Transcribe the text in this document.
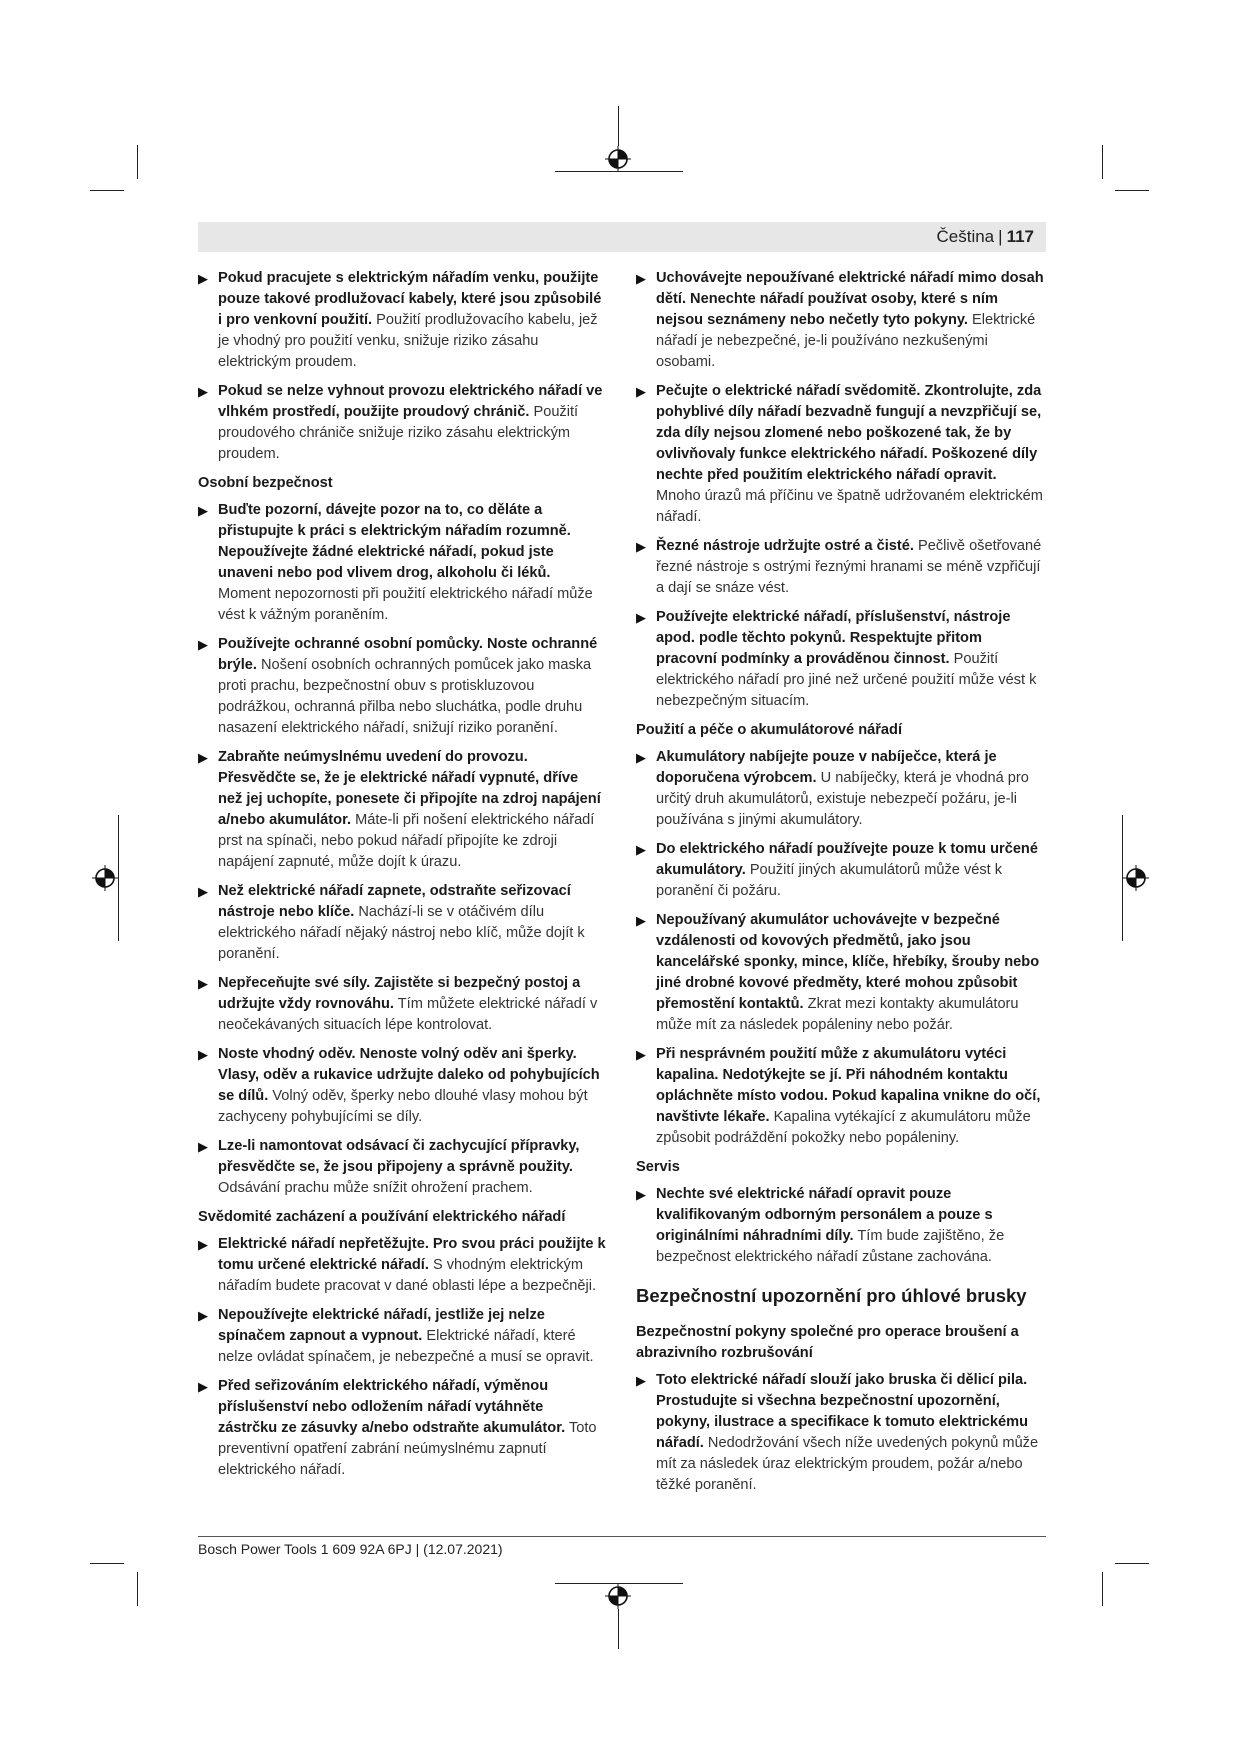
Čeština | 117
▶ Pokud pracujete s elektrickým nářadím venku, použijte pouze takové prodlužovací kabely, které jsou způsobilé i pro venkovní použití. Použití prodlužovacího kabelu, jež je vhodný pro použití venku, snižuje riziko zásahu elektrickým proudem.
▶ Pokud se nelze vyhnout provozu elektrického nářadí ve vlhkém prostředí, použijte proudový chránič. Použití proudového chrániče snižuje riziko zásahu elektrickým proudem.
Osobní bezpečnost
▶ Buďte pozorní, dávejte pozor na to, co děláte a přistupujte k práci s elektrickým nářadím rozumně. Nepoužívejte žádné elektrické nářadí, pokud jste unaveni nebo pod vlivem drog, alkoholu či léků. Moment nepozornosti při použití elektrického nářadí může vést k vážným poraněním.
▶ Používejte ochranné osobní pomůcky. Noste ochranné brýle. Nošení osobních ochranných pomůcek jako maska proti prachu, bezpečnostní obuv s protiskluzovou podrážkou, ochranná přilba nebo sluchátka, podle druhu nasazení elektrického nářadí, snižují riziko poranění.
▶ Zabraňte neúmyslnému uvedení do provozu. Přesvědčte se, že je elektrické nářadí vypnuté, dříve než jej uchopíte, ponesete či připojíte na zdroj napájení a/nebo akumulátor. Máte-li při nošení elektrického nářadí prst na spínači, nebo pokud nářadí připojíte ke zdroji napájení zapnuté, může dojít k úrazu.
▶ Než elektrické nářadí zapnete, odstraňte seřizovací nástroje nebo klíče. Nachází-li se v otáčivém dílu elektrického nářadí nějaký nástroj nebo klíč, může dojít k poranění.
▶ Nepřeceňujte své síly. Zajistěte si bezpečný postoj a udržujte vždy rovnováhu. Tím můžete elektrické nářadí v neočekávaných situacích lépe kontrolovat.
▶ Noste vhodný oděv. Nenoste volný oděv ani šperky. Vlasy, oděv a rukavice udržujte daleko od pohybujících se dílů. Volný oděv, šperky nebo dlouhé vlasy mohou být zachyceny pohybujícími se díly.
▶ Lze-li namontovat odsávací či zachycující přípravky, přesvědčte se, že jsou připojeny a správně použity. Odsávání prachu může snížit ohrožení prachem.
Svědomité zacházení a používání elektrického nářadí
▶ Elektrické nářadí nepřetěžujte. Pro svou práci použijte k tomu určené elektrické nářadí. S vhodným elektrickým nářadím budete pracovat v dané oblasti lépe a bezpečněji.
▶ Nepoužívejte elektrické nářadí, jestliže jej nelze spínačem zapnout a vypnout. Elektrické nářadí, které nelze ovládat spínačem, je nebezpečné a musí se opravit.
▶ Před seřizováním elektrického nářadí, výměnou příslušenství nebo odložením nářadí vytáhněte zástrčku ze zásuvky a/nebo odstraňte akumulátor. Toto preventivní opatření zabrání neúmyslnému zapnutí elektrického nářadí.
▶ Uchovávejte nepoužívané elektrické nářadí mimo dosah dětí. Nenechte nářadí používat osoby, které s ním nejsou seznámeny nebo nečetly tyto pokyny. Elektrické nářadí je nebezpečné, je-li používáno nezkušenými osobami.
▶ Pečujte o elektrické nářadí svědomitě. Zkontrolujte, zda pohyblivé díly nářadí bezvadně fungují a nevzpřičují se, zda díly nejsou zlomené nebo poškozené tak, že by ovlivňovaly funkce elektrického nářadí. Poškozené díly nechte před použitím elektrického nářadí opravit. Mnoho úrazů má příčinu ve špatně udržovaném elektrickém nářadí.
▶ Řezné nástroje udržujte ostré a čisté. Pečlivě ošetřované řezné nástroje s ostrými řeznými hranami se méně vzpřičují a dají se snáze vést.
▶ Používejte elektrické nářadí, příslušenství, nástroje apod. podle těchto pokynů. Respektujte přitom pracovní podmínky a prováděnou činnost. Použití elektrického nářadí pro jiné než určené použití může vést k nebezpečným situacím.
Použití a péče o akumulátorové nářadí
▶ Akumulátory nabíjejte pouze v nabíječce, která je doporučena výrobcem. U nabíječky, která je vhodná pro určitý druh akumulátorů, existuje nebezpečí požáru, je-li používána s jinými akumulátory.
▶ Do elektrického nářadí používejte pouze k tomu určené akumulátory. Použití jiných akumulátorů může vést k poranění či požáru.
▶ Nepoužívaný akumulátor uchovávejte v bezpečné vzdálenosti od kovových předmětů, jako jsou kancelářské sponky, mince, klíče, hřebíky, šrouby nebo jiné drobné kovové předměty, které mohou způsobit přemostění kontaktů. Zkrat mezi kontakty akumulátoru může mít za následek popáleniny nebo požár.
▶ Při nesprávném použití může z akumulátoru vytéci kapalina. Nedotýkejte se jí. Při náhodném kontaktu opláchněte místo vodou. Pokud kapalina vnikne do očí, navštivte lékaře. Kapalina vytékající z akumulátoru může způsobit podráždění pokožky nebo popáleniny.
Servis
▶ Nechte své elektrické nářadí opravit pouze kvalifikovaným odborným personálem a pouze s originálními náhradními díly. Tím bude zajištěno, že bezpečnost elektrického nářadí zůstane zachována.
Bezpečnostní upozornění pro úhlové brusky
Bezpečnostní pokyny společné pro operace broušení a abrazivního rozbrušování
▶ Toto elektrické nářadí slouží jako bruska či dělicí pila. Prostudujte si všechna bezpečnostní upozornění, pokyny, ilustrace a specifikace k tomuto elektrickému nářadí. Nedodržování všech níže uvedených pokynů může mít za následek úraz elektrickým proudem, požár a/nebo těžké poranění.
Bosch Power Tools 1 609 92A 6PJ | (12.07.2021)
